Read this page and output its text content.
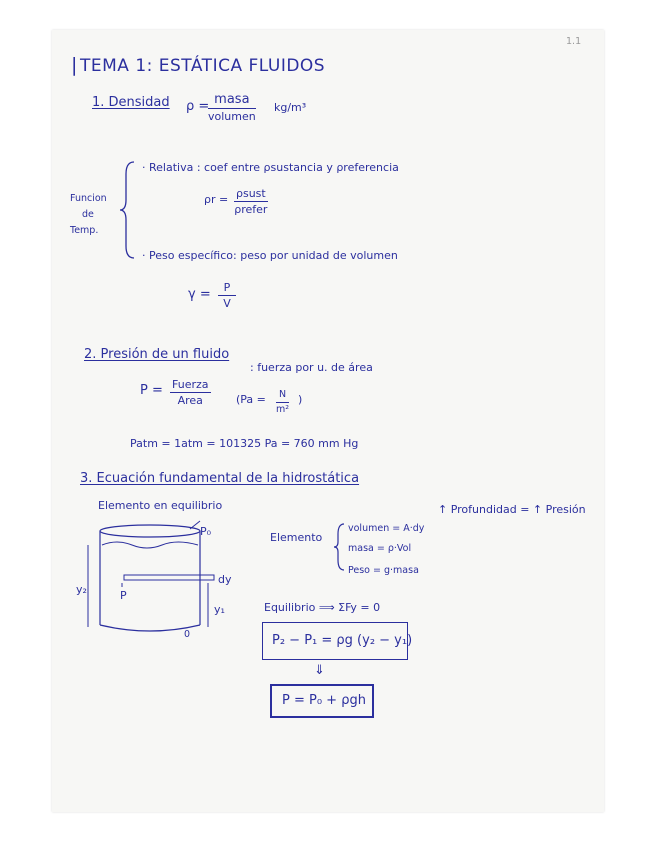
1.1
| TEMA 1: ESTÁTICA FLUIDOS
1. Densidad ρ = masa
volumen
kg/m³
Funcion
de
Temp.
· Relativa : coef entre ρsustancia y ρreferencia
ρr = ρsust
ρrefer
· Peso específico: peso por unidad de volumen
$\gamma = \frac{P}{V}$
2. Presión de un fluido
: fuerza por u. de área
P = Fuerza
Area	($Pa = \frac{N}{\text{m²}}$ )
Patm = 1atm = 101325 Pa = 760 mm Hg
3. Ecuación fundamental de la hidrostática
↑ Profundidad = ↑ Presión
Elemento en equilibrio
P₀
dy
P
y₁
y₂
0
Elemento
volumen = A·dy
masa = ρ·Vol
Peso = g·masa
Equilibrio ⟹ ΣFy = 0
P₂ − P₁ = ρg (y₂ − y₁)
⇓
P = P₀ + ρgh
